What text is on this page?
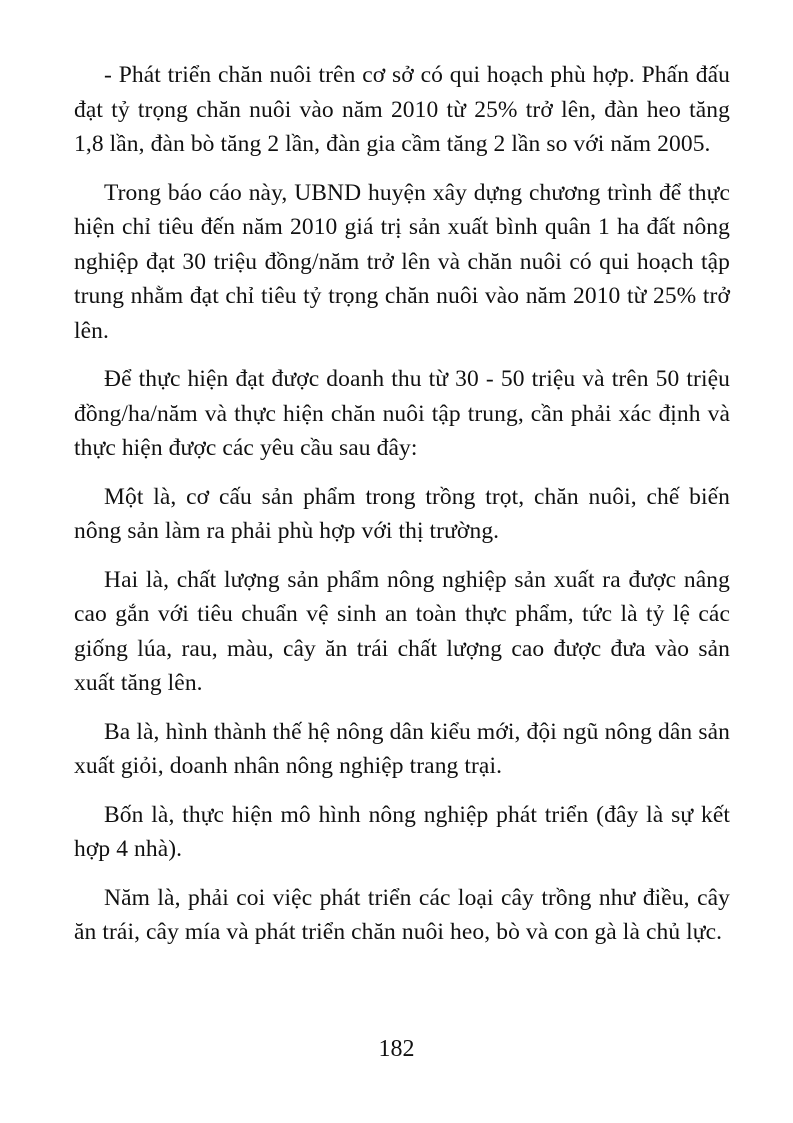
- Phát triển chăn nuôi trên cơ sở có qui hoạch phù hợp. Phấn đấu đạt tỷ trọng chăn nuôi vào năm 2010 từ 25% trở lên, đàn heo tăng 1,8 lần, đàn bò tăng 2 lần, đàn gia cầm tăng 2 lần so với năm 2005.

Trong báo cáo này, UBND huyện xây dựng chương trình để thực hiện chỉ tiêu đến năm 2010 giá trị sản xuất bình quân 1 ha đất nông nghiệp đạt 30 triệu đồng/năm trở lên và chăn nuôi có qui hoạch tập trung nhằm đạt chỉ tiêu tỷ trọng chăn nuôi vào năm 2010 từ 25% trở lên.

Để thực hiện đạt được doanh thu từ 30 - 50 triệu và trên 50 triệu đồng/ha/năm và thực hiện chăn nuôi tập trung, cần phải xác định và thực hiện được các yêu cầu sau đây:

Một là, cơ cấu sản phẩm trong trồng trọt, chăn nuôi, chế biến nông sản làm ra phải phù hợp với thị trường.

Hai là, chất lượng sản phẩm nông nghiệp sản xuất ra được nâng cao gắn với tiêu chuẩn vệ sinh an toàn thực phẩm, tức là tỷ lệ các giống lúa, rau, màu, cây ăn trái chất lượng cao được đưa vào sản xuất tăng lên.

Ba là, hình thành thế hệ nông dân kiểu mới, đội ngũ nông dân sản xuất giỏi, doanh nhân nông nghiệp trang trại.

Bốn là, thực hiện mô hình nông nghiệp phát triển (đây là sự kết hợp 4 nhà).

Năm là, phải coi việc phát triển các loại cây trồng như điều, cây ăn trái, cây mía và phát triển chăn nuôi heo, bò và con gà là chủ lực.

182
